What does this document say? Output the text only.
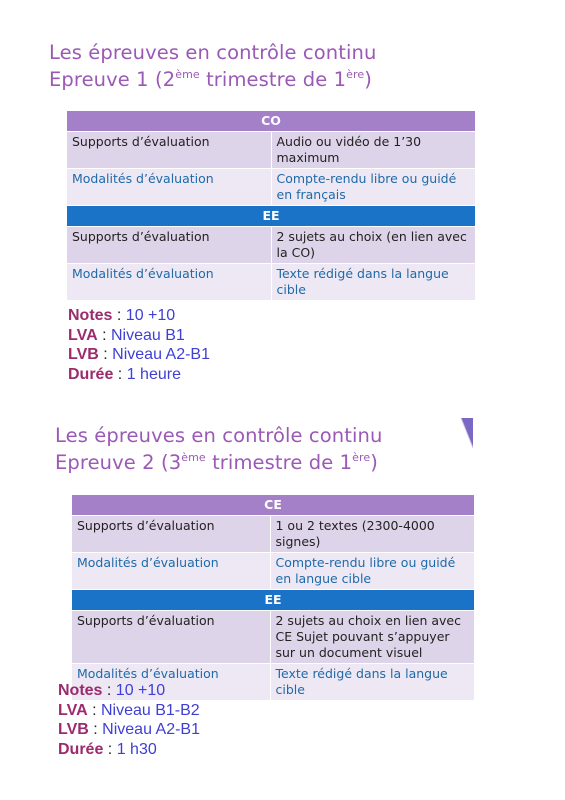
Les épreuves en contrôle continu
Epreuve 1 (2ème trimestre de 1ère)
CO	
Supports d’évaluation	Audio ou vidéo de 1’30 maximum
Modalités d’évaluation	Compte-rendu libre ou guidé en français
EE	
Supports d’évaluation	2 sujets au choix (en lien avec la CO)
Modalités d’évaluation	Texte rédigé dans la langue cible
Notes : 10 +10
LVA : Niveau B1
LVB : Niveau A2-B1
Durée : 1 heure
Les épreuves en contrôle continu
Epreuve 2 (3ème trimestre de 1ère)
CE	
Supports d’évaluation	1 ou 2 textes (2300-4000 signes)
Modalités d’évaluation	Compte-rendu libre ou guidé en langue cible
EE	
Supports d’évaluation	2 sujets au choix en lien avec CE Sujet pouvant s’appuyer sur un document visuel
Modalités d’évaluation	Texte rédigé dans la langue cible
Notes : 10 +10
LVA : Niveau B1-B2
LVB : Niveau A2-B1
Durée : 1 h30
